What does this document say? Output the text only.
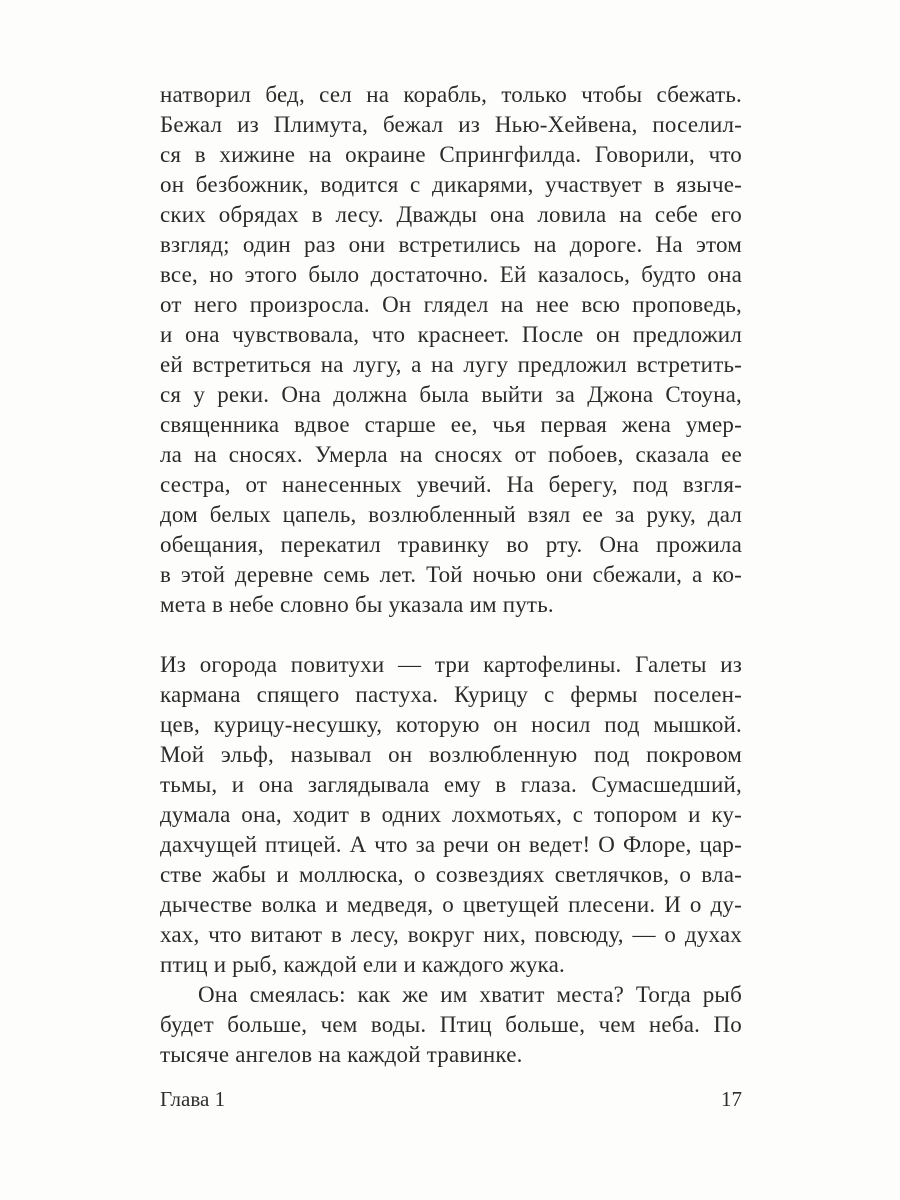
натворил бед, сел на корабль, только чтобы сбежать.
Бежал из Плимута, бежал из Нью-Хейвена, поселил-
ся в хижине на окраине Спрингфилда. Говорили, что
он безбожник, водится с дикарями, участвует в языче-
ских обрядах в лесу. Дважды она ловила на себе его
взгляд; один раз они встретились на дороге. На этом
все, но этого было достаточно. Ей казалось, будто она
от него произросла. Он глядел на нее всю проповедь,
и она чувствовала, что краснеет. После он предложил
ей встретиться на лугу, а на лугу предложил встретить-
ся у реки. Она должна была выйти за Джона Стоуна,
священника вдвое старше ее, чья первая жена умер-
ла на сносях. Умерла на сносях от побоев, сказала ее
сестра, от нанесенных увечий. На берегу, под взгля-
дом белых цапель, возлюбленный взял ее за руку, дал
обещания, перекатил травинку во рту. Она прожила
в этой деревне семь лет. Той ночью они сбежали, а ко-
мета в небе словно бы указала им путь.
Из огорода повитухи — три картофелины. Галеты из
кармана спящего пастуха. Курицу с фермы поселен-
цев, курицу-несушку, которую он носил под мышкой.
Мой эльф, называл он возлюбленную под покровом
тьмы, и она заглядывала ему в глаза. Сумасшедший,
думала она, ходит в одних лохмотьях, с топором и ку-
дахчущей птицей. А что за речи он ведет! О Флоре, цар-
стве жабы и моллюска, о созвездиях светлячков, о вла-
дычестве волка и медведя, о цветущей плесени. И о ду-
хах, что витают в лесу, вокруг них, повсюду, — о духах
птиц и рыб, каждой ели и каждого жука.
Она смеялась: как же им хватит места? Тогда рыб
будет больше, чем воды. Птиц больше, чем неба. По
тысяче ангелов на каждой травинке.
Глава 1	17
